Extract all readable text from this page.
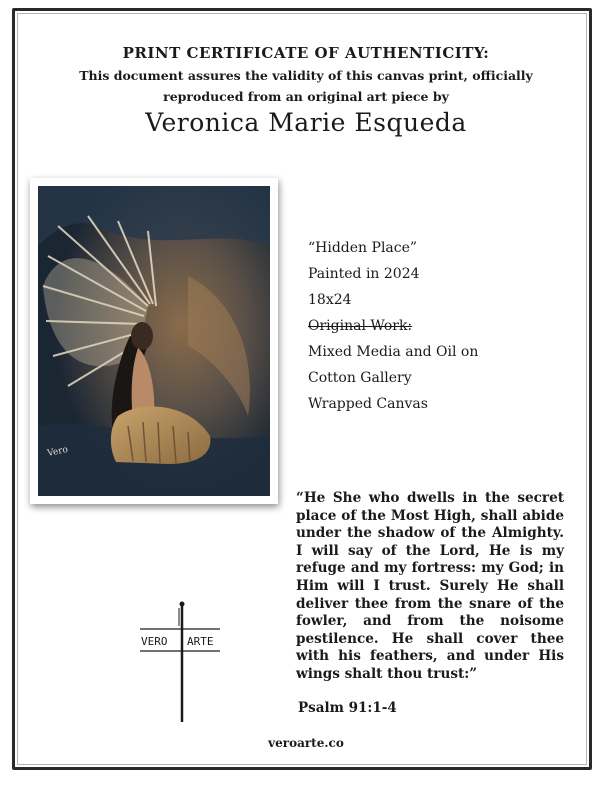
PRINT CERTIFICATE OF AUTHENTICITY:
This document assures the validity of this canvas print, officially
reproduced from an original art piece by
Veronica Marie Esqueda
Vero
“Hidden Place”
Painted in 2024
18x24
Original Work:
Mixed Media and Oil on
Cotton Gallery
Wrapped Canvas
“He She who dwells in the secret place of the Most High, shall abide under the shadow of the Almighty. I will say of the Lord, He is my refuge and my fortress: my God; in Him will I trust. Surely He shall deliver thee from the snare of the fowler, and from the noisome pestilence. He shall cover thee with his feathers, and under His wings shalt thou trust:”
Psalm 91:1-4
VERO ARTE
veroarte.co
